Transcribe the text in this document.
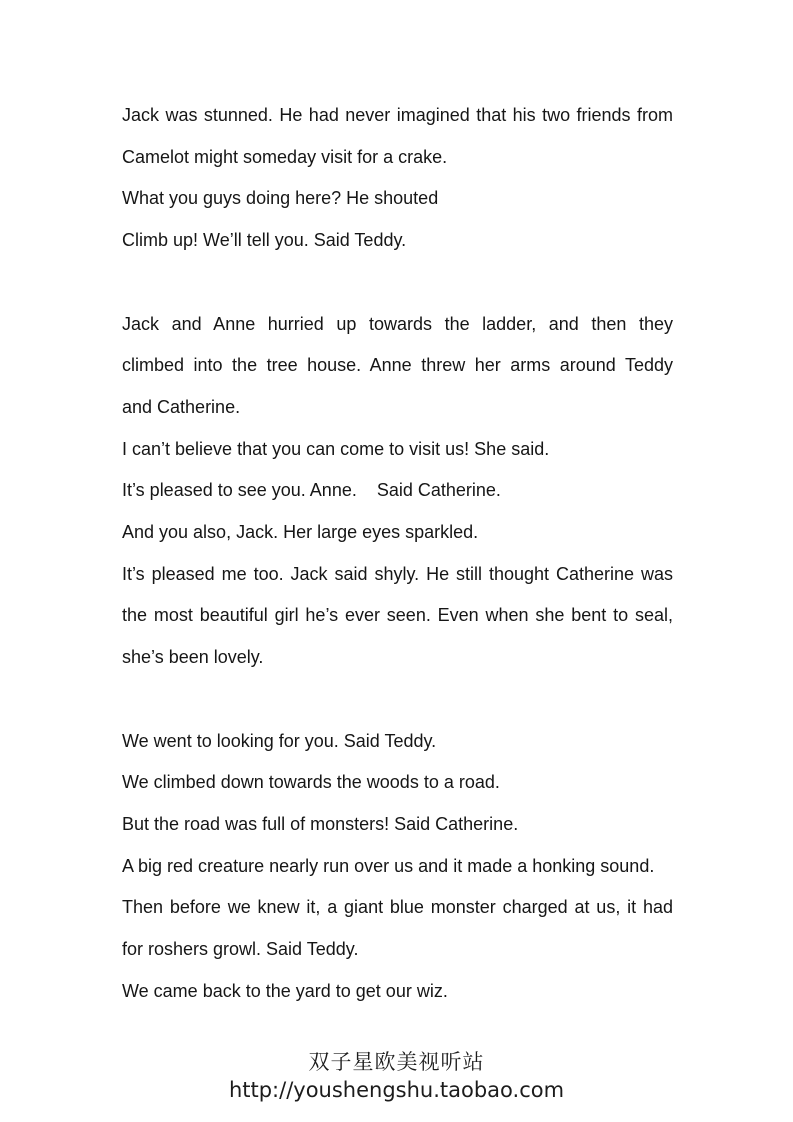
Jack was stunned. He had never imagined that his two friends from
Camelot might someday visit for a crake.
What you guys doing here? He shouted
Climb up! We’ll tell you. Said Teddy.
Jack and Anne hurried up towards the ladder, and then they
climbed into the tree house. Anne threw her arms around Teddy
and Catherine.
I can’t believe that you can come to visit us! She said.
It’s pleased to see you. Anne.    Said Catherine.
And you also, Jack. Her large eyes sparkled.
It’s pleased me too. Jack said shyly. He still thought Catherine was
the most beautiful girl he’s ever seen. Even when she bent to seal,
she’s been lovely.
We went to looking for you. Said Teddy.
We climbed down towards the woods to a road.
But the road was full of monsters! Said Catherine.
A big red creature nearly run over us and it made a honking sound.
Then before we knew it, a giant blue monster charged at us, it had
for roshers growl. Said Teddy.
We came back to the yard to get our wiz.
双子星欧美视听站
http://youshengshu.taobao.com
